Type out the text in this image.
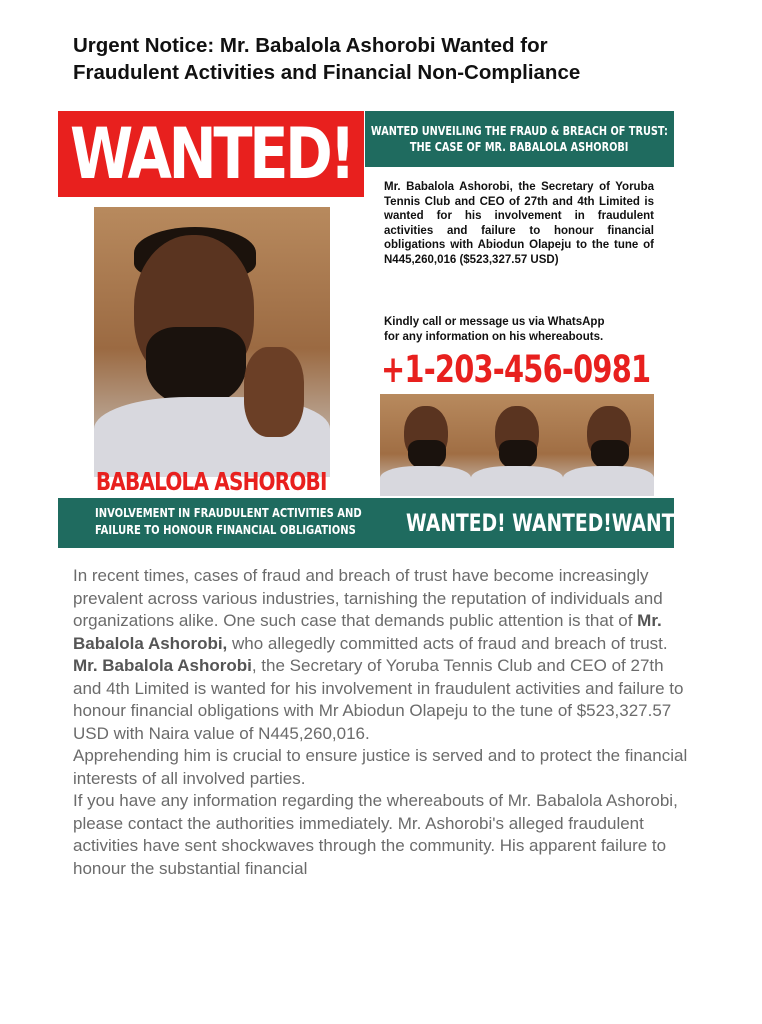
Urgent Notice: Mr. Babalola Ashorobi Wanted for
Fraudulent Activities and Financial Non-Compliance
WANTED! WANTED UNVEILING THE FRAUD & BREACH OF TRUST:
THE CASE OF MR. BABALOLA ASHOROBI
BABALOLA ASHOROBI

Mr. Babalola Ashorobi, the Secretary of Yoruba Tennis Club and CEO of 27th and 4th Limited is wanted for his involvement in fraudulent activities and failure to honour financial obligations with Abiodun Olapeju to the tune of N445,260,016 ($523,327.57 USD)

Kindly call or message us via WhatsApp
for any information on his whereabouts.

+1-203-456-0981
INVOLVEMENT IN FRAUDULENT ACTIVITIES AND
FAILURE TO HONOUR FINANCIAL OBLIGATIONS	WANTED! WANTED!WANTED!

In recent times, cases of fraud and breach of trust have become increasingly prevalent across various industries, tarnishing the reputation of individuals and organizations alike. One such case that demands public attention is that of Mr. Babalola Ashorobi, who allegedly committed acts of fraud and breach of trust.

Mr. Babalola Ashorobi, the Secretary of Yoruba Tennis Club and CEO of 27th and 4th Limited is wanted for his involvement in fraudulent activities and failure to honour financial obligations with Mr Abiodun Olapeju to the tune of $523,327.57 USD with Naira value of N445,260,016.

Apprehending him is crucial to ensure justice is served and to protect the financial interests of all involved parties.

If you have any information regarding the whereabouts of Mr. Babalola Ashorobi, please contact the authorities immediately. Mr. Ashorobi's alleged fraudulent activities have sent shockwaves through the community. His apparent failure to honour the substantial financial
